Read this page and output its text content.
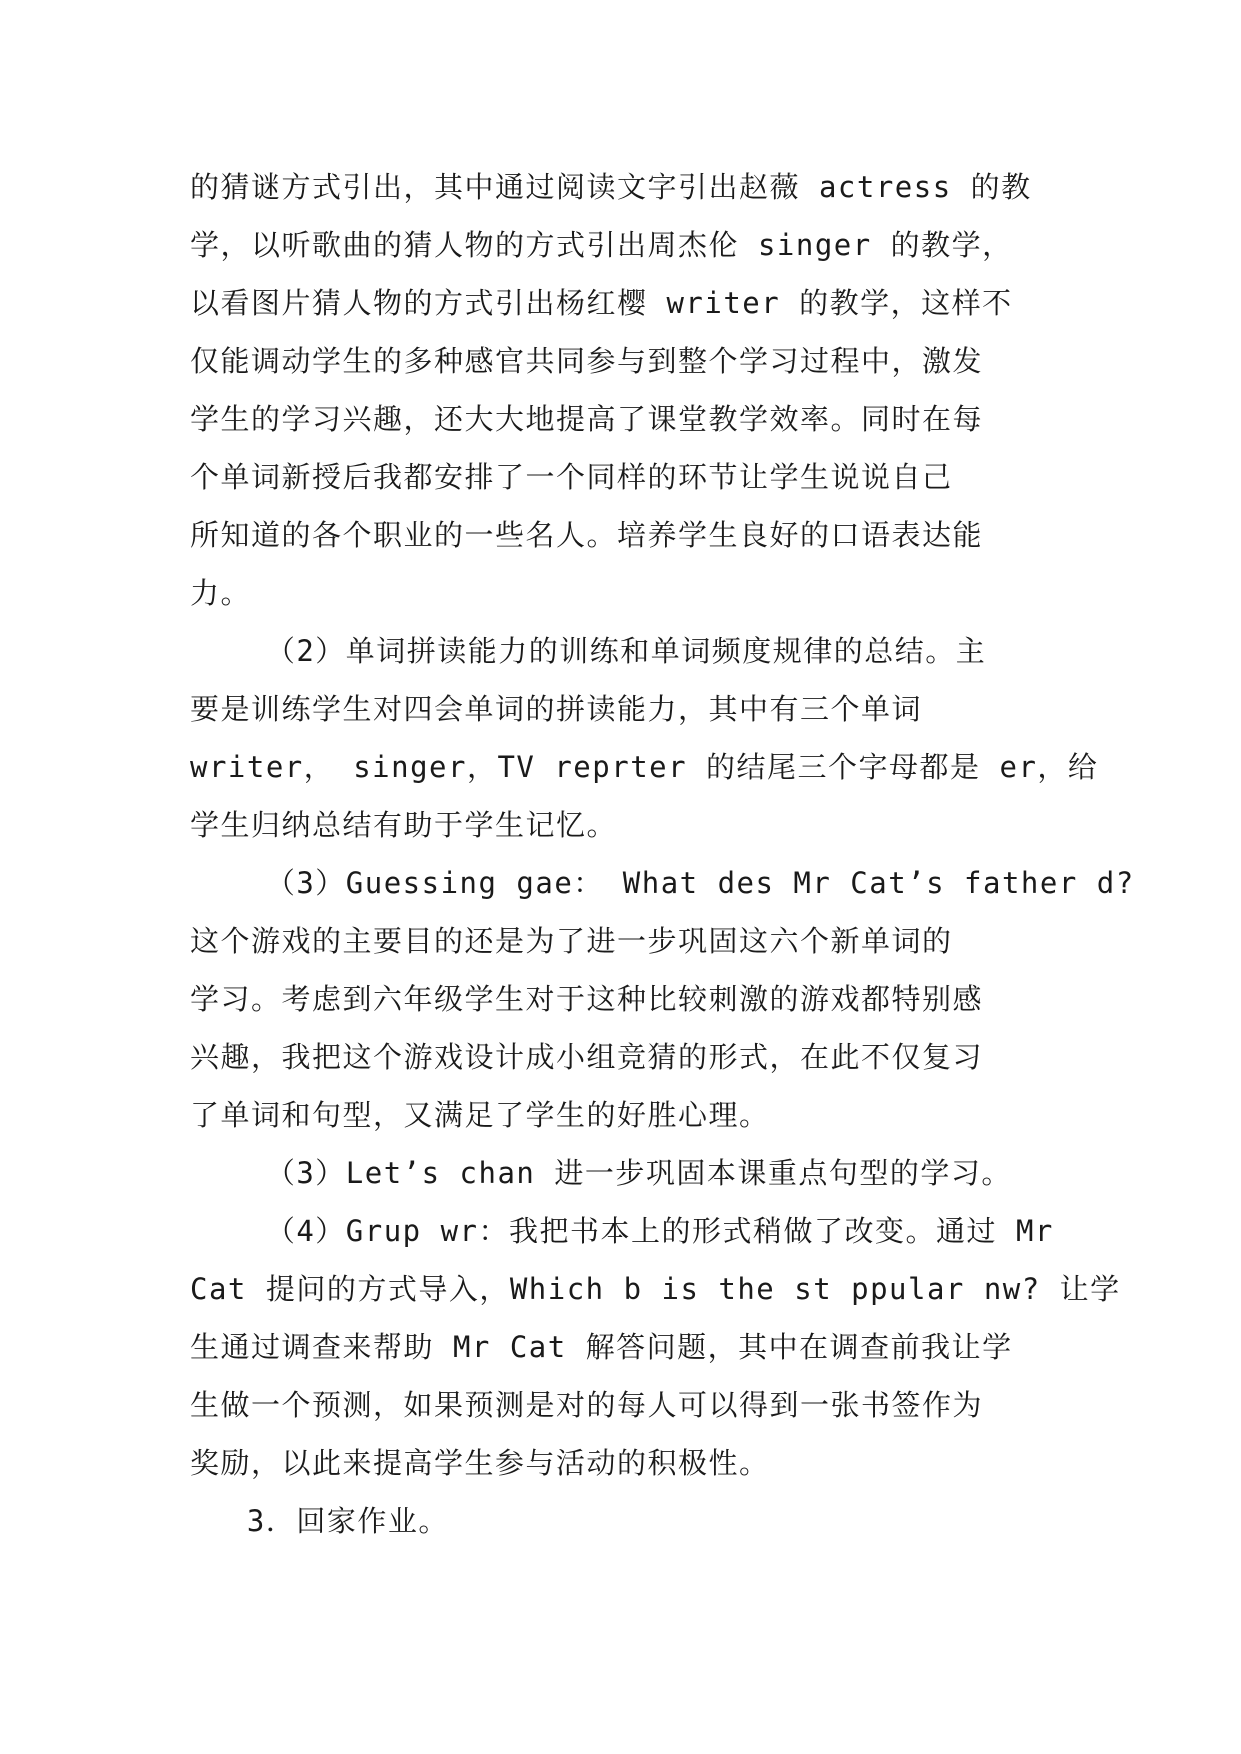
的猜谜方式引出，其中通过阅读文字引出赵薇 actress 的教
学，以听歌曲的猜人物的方式引出周杰伦 singer 的教学，
以看图片猜人物的方式引出杨红樱 writer 的教学，这样不
仅能调动学生的多种感官共同参与到整个学习过程中，激发
学生的学习兴趣，还大大地提高了课堂教学效率。同时在每
个单词新授后我都安排了一个同样的环节让学生说说自己
所知道的各个职业的一些名人。培养学生良好的口语表达能
力。
（2）单词拼读能力的训练和单词频度规律的总结。主
要是训练学生对四会单词的拼读能力，其中有三个单词
writer， singer，TV reprter 的结尾三个字母都是 er，给
学生归纳总结有助于学生记忆。
（3）Guessing gae： What des Mr Cat’s father d?
这个游戏的主要目的还是为了进一步巩固这六个新单词的
学习。考虑到六年级学生对于这种比较刺激的游戏都特别感
兴趣，我把这个游戏设计成小组竞猜的形式，在此不仅复习
了单词和句型，又满足了学生的好胜心理。
（3）Let’s chan 进一步巩固本课重点句型的学习。
（4）Grup wr：我把书本上的形式稍做了改变。通过 Mr
Cat 提问的方式导入，Which b is the st ppular nw? 让学
生通过调查来帮助 Mr Cat 解答问题，其中在调查前我让学
生做一个预测，如果预测是对的每人可以得到一张书签作为
奖励，以此来提高学生参与活动的积极性。
3．回家作业。
